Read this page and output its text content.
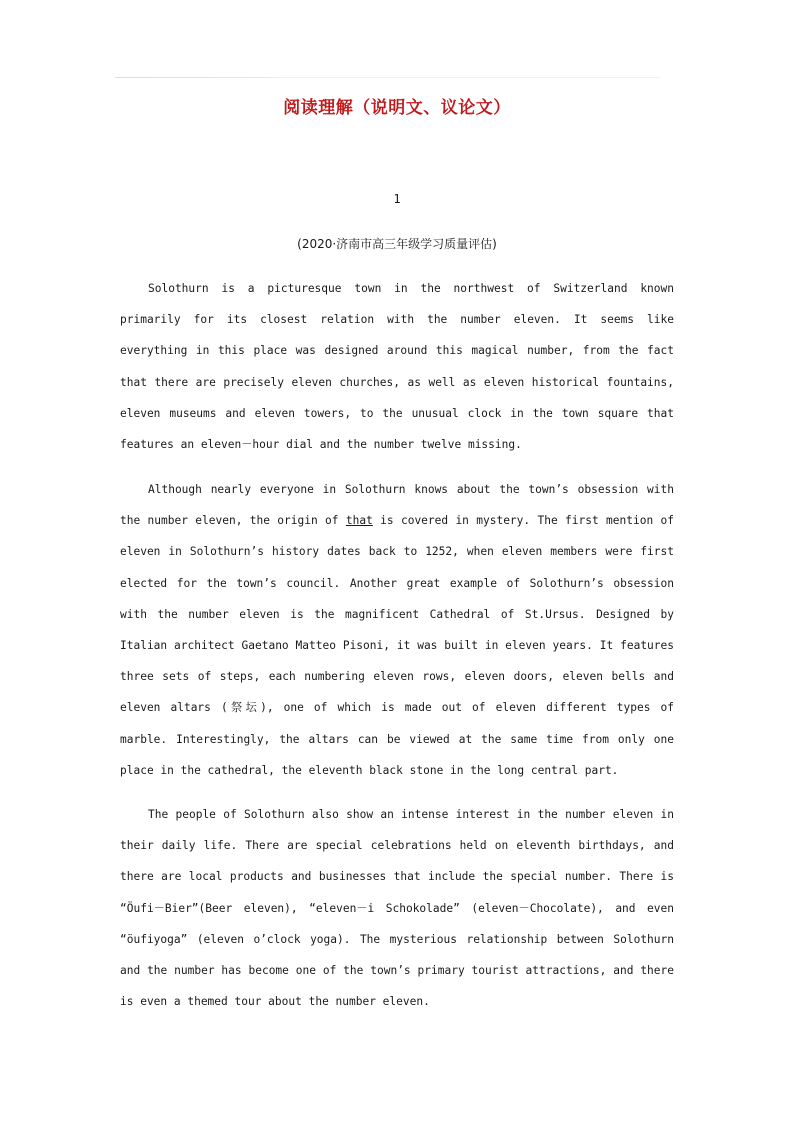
阅读理解（说明文、议论文）
1
(2020·济南市高三年级学习质量评估)

Solothurn is a picturesque town in the northwest of Switzerland known primarily for its closest relation with the number eleven. It seems like everything in this place was designed around this magical number, from the fact that there are precisely eleven churches, as well as eleven historical fountains, eleven museums and eleven towers, to the unusual clock in the town square that features an eleven－hour dial and the number twelve missing.

Although nearly everyone in Solothurn knows about the town’s obsession with the number eleven, the origin of that is covered in mystery. The first mention of eleven in Solothurn’s history dates back to 1252, when eleven members were first elected for the town’s council. Another great example of Solothurn’s obsession with the number eleven is the magnificent Cathedral of St.Ursus. Designed by Italian architect Gaetano Matteo Pisoni, it was built in eleven years. It features three sets of steps, each numbering eleven rows, eleven doors, eleven bells and eleven altars (祭坛), one of which is made out of eleven different types of marble. Interestingly, the altars can be viewed at the same time from only one place in the cathedral, the eleventh black stone in the long central part.

The people of Solothurn also show an intense interest in the number eleven in their daily life. There are special celebrations held on eleventh birthdays, and there are local products and businesses that include the special number. There is “Öufi－Bier”(Beer eleven), “eleven－i Schokolade” (eleven－Chocolate), and even “öufiyoga” (eleven o’clock yoga). The mysterious relationship between Solothurn and the number has become one of the town’s primary tourist attractions, and there is even a themed tour about the number eleven.
